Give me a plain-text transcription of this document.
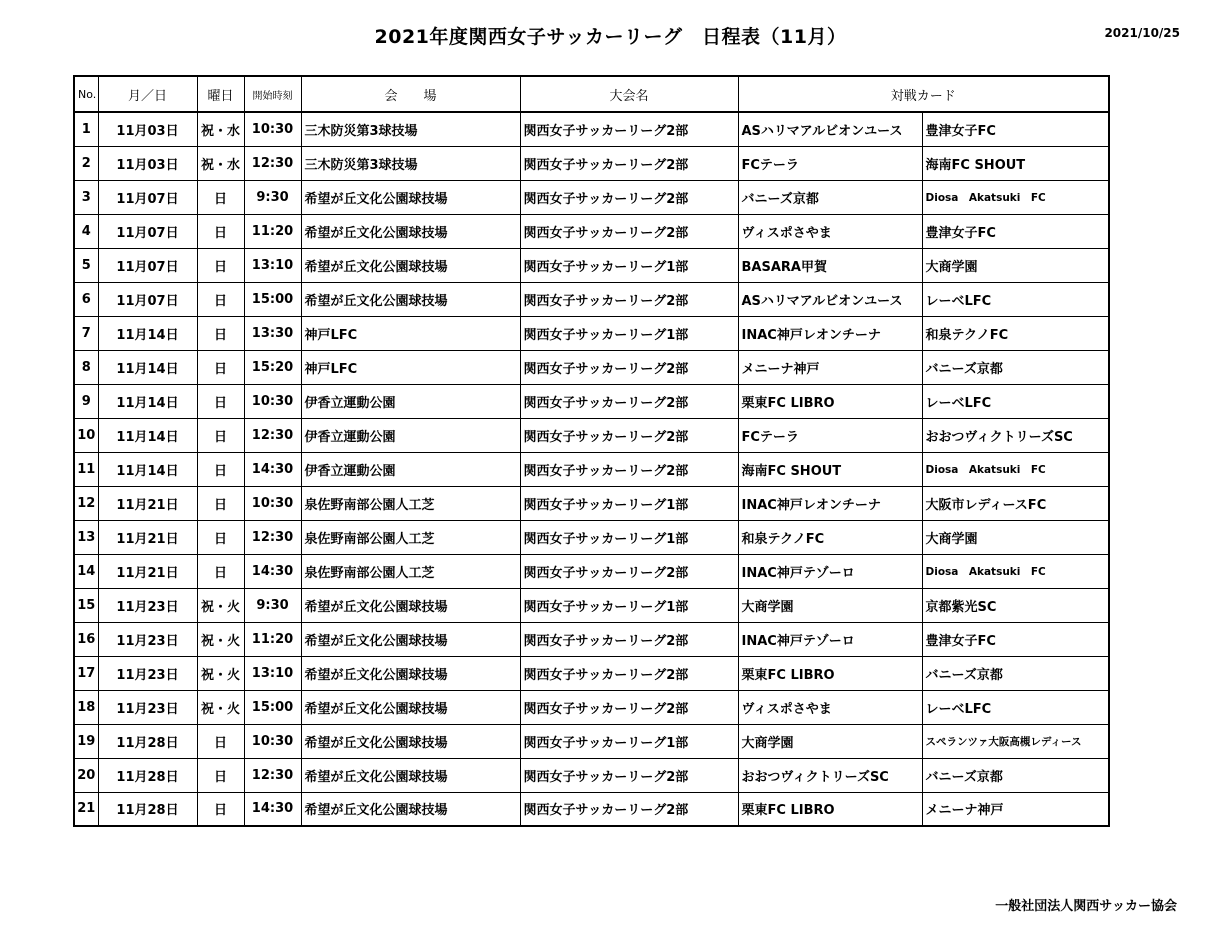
2021年度関西女子サッカーリーグ　日程表（11月）	2021/10/25
No.	月／日	曜日	開始時刻	会　　場	大会名	対戦カード	
1	11月03日	祝・水	10:30	三木防災第3球技場	関西女子サッカーリーグ2部	ASハリマアルビオンユース	豊津女子FC
2	11月03日	祝・水	12:30	三木防災第3球技場	関西女子サッカーリーグ2部	FCテーラ	海南FC SHOUT
3	11月07日	日	9:30	希望が丘文化公園球技場	関西女子サッカーリーグ2部	バニーズ京都	Diosa　Akatsuki　FC
4	11月07日	日	11:20	希望が丘文化公園球技場	関西女子サッカーリーグ2部	ヴィスポさやま	豊津女子FC
5	11月07日	日	13:10	希望が丘文化公園球技場	関西女子サッカーリーグ1部	BASARA甲賀	大商学園
6	11月07日	日	15:00	希望が丘文化公園球技場	関西女子サッカーリーグ2部	ASハリマアルビオンユース	レーベLFC
7	11月14日	日	13:30	神戸LFC	関西女子サッカーリーグ1部	INAC神戸レオンチーナ	和泉テクノFC
8	11月14日	日	15:20	神戸LFC	関西女子サッカーリーグ2部	メニーナ神戸	バニーズ京都
9	11月14日	日	10:30	伊香立運動公園	関西女子サッカーリーグ2部	栗東FC LIBRO	レーベLFC
10	11月14日	日	12:30	伊香立運動公園	関西女子サッカーリーグ2部	FCテーラ	おおつヴィクトリーズSC
11	11月14日	日	14:30	伊香立運動公園	関西女子サッカーリーグ2部	海南FC SHOUT	Diosa　Akatsuki　FC
12	11月21日	日	10:30	泉佐野南部公園人工芝	関西女子サッカーリーグ1部	INAC神戸レオンチーナ	大阪市レディースFC
13	11月21日	日	12:30	泉佐野南部公園人工芝	関西女子サッカーリーグ1部	和泉テクノFC	大商学園
14	11月21日	日	14:30	泉佐野南部公園人工芝	関西女子サッカーリーグ2部	INAC神戸テゾーロ	Diosa　Akatsuki　FC
15	11月23日	祝・火	9:30	希望が丘文化公園球技場	関西女子サッカーリーグ1部	大商学園	京都紫光SC
16	11月23日	祝・火	11:20	希望が丘文化公園球技場	関西女子サッカーリーグ2部	INAC神戸テゾーロ	豊津女子FC
17	11月23日	祝・火	13:10	希望が丘文化公園球技場	関西女子サッカーリーグ2部	栗東FC LIBRO	バニーズ京都
18	11月23日	祝・火	15:00	希望が丘文化公園球技場	関西女子サッカーリーグ2部	ヴィスポさやま	レーベLFC
19	11月28日	日	10:30	希望が丘文化公園球技場	関西女子サッカーリーグ1部	大商学園	スペランツァ大阪高槻レディース
20	11月28日	日	12:30	希望が丘文化公園球技場	関西女子サッカーリーグ2部	おおつヴィクトリーズSC	バニーズ京都
21	11月28日	日	14:30	希望が丘文化公園球技場	関西女子サッカーリーグ2部	栗東FC LIBRO	メニーナ神戸
一般社団法人関西サッカー協会
